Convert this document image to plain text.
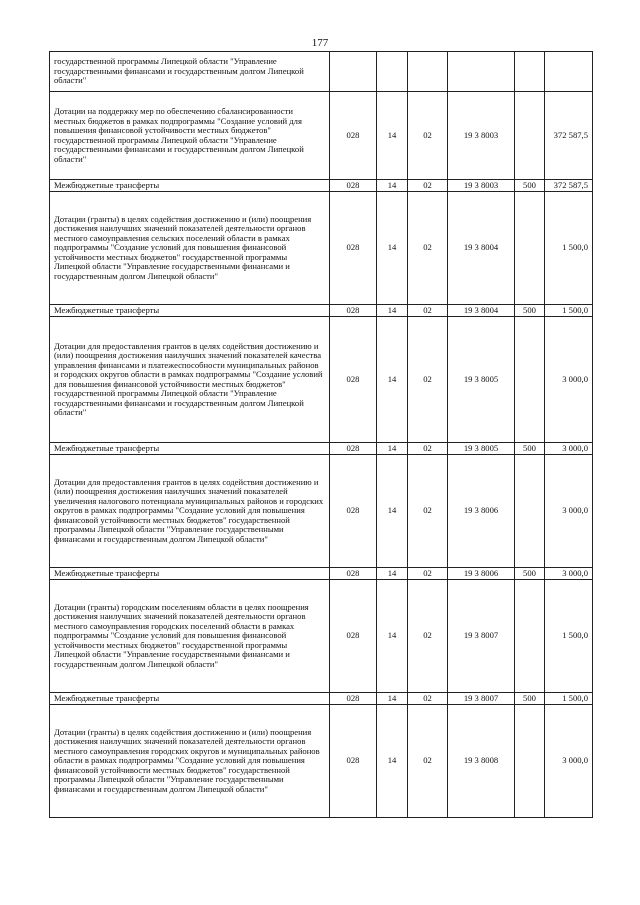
177
государственной программы Липецкой области "Управление государственными финансами и государственным долгом Липецкой области"						
Дотации на поддержку мер по обеспечению сбалансированности местных бюджетов в рамках подпрограммы "Создание условий для повышения финансовой устойчивости местных бюджетов" государственной программы Липецкой области "Управление государственными финансами и государственным долгом Липецкой области"	028	14	02	19 3 8003		372 587,5
Межбюджетные трансферты	028	14	02	19 3 8003	500	372 587,5
Дотации (гранты) в целях содействия достижению и (или) поощрения достижения наилучших значений показателей деятельности органов местного самоуправления сельских поселений области в рамках подпрограммы "Создание условий для повышения финансовой устойчивости местных бюджетов" государственной программы Липецкой области "Управление государственными финансами и государственным долгом Липецкой области"	028	14	02	19 3 8004		1 500,0
Межбюджетные трансферты	028	14	02	19 3 8004	500	1 500,0
Дотации для предоставления грантов в целях содействия достижению и (или) поощрения достижения наилучших значений показателей качества управления финансами и платежеспособности муниципальных районов и городских округов области в рамках подпрограммы "Создание условий для повышения финансовой устойчивости местных бюджетов" государственной программы Липецкой области "Управление государственными финансами и государственным долгом Липецкой области"	028	14	02	19 3 8005		3 000,0
Межбюджетные трансферты	028	14	02	19 3 8005	500	3 000,0
Дотации для предоставления грантов в целях содействия достижению и (или) поощрения достижения наилучших значений показателей увеличения налогового потенциала муниципальных районов и городских округов в рамках подпрограммы "Создание условий для повышения финансовой устойчивости местных бюджетов" государственной программы Липецкой области "Управление государственными финансами и государственным долгом Липецкой области"	028	14	02	19 3 8006		3 000,0
Межбюджетные трансферты	028	14	02	19 3 8006	500	3 000,0
Дотации (гранты) городским поселениям области в целях поощрения достижения наилучших значений показателей деятельности органов местного самоуправления городских поселений области в рамках подпрограммы "Создание условий для повышения финансовой устойчивости местных бюджетов" государственной программы Липецкой области "Управление государственными финансами и государственным долгом Липецкой области"	028	14	02	19 3 8007		1 500,0
Межбюджетные трансферты	028	14	02	19 3 8007	500	1 500,0
Дотации (гранты) в целях содействия достижению и (или) поощрения достижения наилучших значений показателей деятельности органов местного самоуправления городских округов и муниципальных районов области в рамках подпрограммы "Создание условий для повышения финансовой устойчивости местных бюджетов" государственной программы Липецкой области "Управление государственными финансами и государственным долгом Липецкой области"	028	14	02	19 3 8008		3 000,0
